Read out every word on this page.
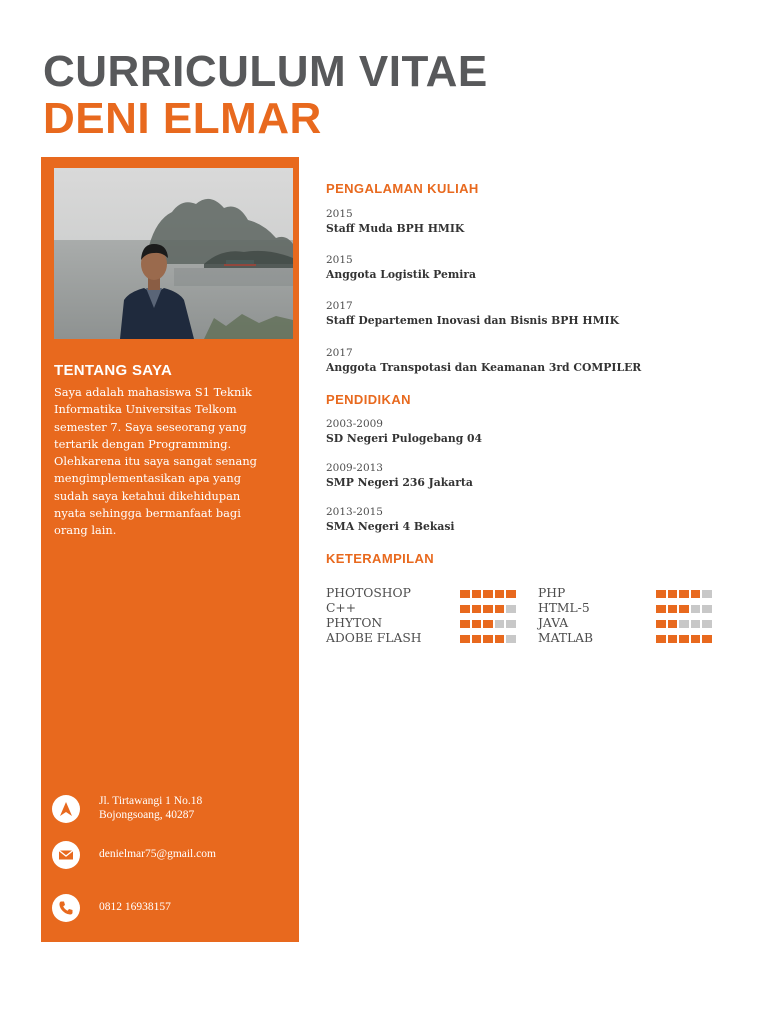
CURRICULUM VITAE
DENI ELMAR
TENTANG SAYA
Saya adalah mahasiswa S1 Teknik
Informatika Universitas Telkom
semester 7. Saya seseorang yang
tertarik dengan Programming.
Olehkarena itu saya sangat senang
mengimplementasikan apa yang
sudah saya ketahui dikehidupan
nyata sehingga bermanfaat bagi
orang lain.
Jl. Tirtawangi 1 No.18
Bojongsoang, 40287
denielmar75@gmail.com
0812 16938157
PENGALAMAN KULIAH
2015
Staff Muda BPH HMIK
2015
Anggota Logistik Pemira
2017
Staff Departemen Inovasi dan Bisnis BPH HMIK
2017
Anggota Transpotasi dan Keamanan 3rd COMPILER
PENDIDIKAN
2003-2009
SD Negeri Pulogebang 04
2009-2013
SMP Negeri 236 Jakarta
2013-2015
SMA Negeri 4 Bekasi
KETERAMPILAN
PHOTOSHOP
C++
PHYTON
ADOBE FLASH
PHP
HTML-5
JAVA
MATLAB
